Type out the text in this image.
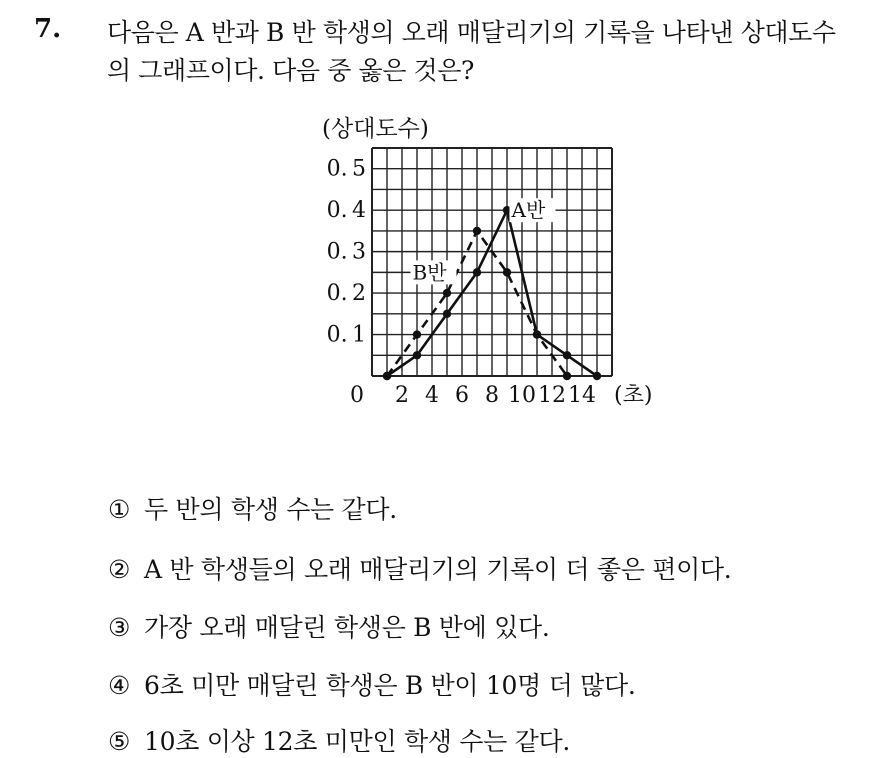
7. 다음은 A 반과 B 반 학생의 오래 매달리기의 기록을 나타낸 상대도수
의 그래프이다. 다음 중 옳은 것은?
0. 1
0. 2
0. 3
0. 4
0. 5
2 4 6 8 10 12 14
0
(상대도수)
(초)
A반
B반
① 두 반의 학생 수는 같다.
② A 반 학생들의 오래 매달리기의 기록이 더 좋은 편이다.
③ 가장 오래 매달린 학생은 B 반에 있다.
④ 6초 미만 매달린 학생은 B 반이 10명 더 많다.
⑤ 10초 이상 12초 미만인 학생 수는 같다.
